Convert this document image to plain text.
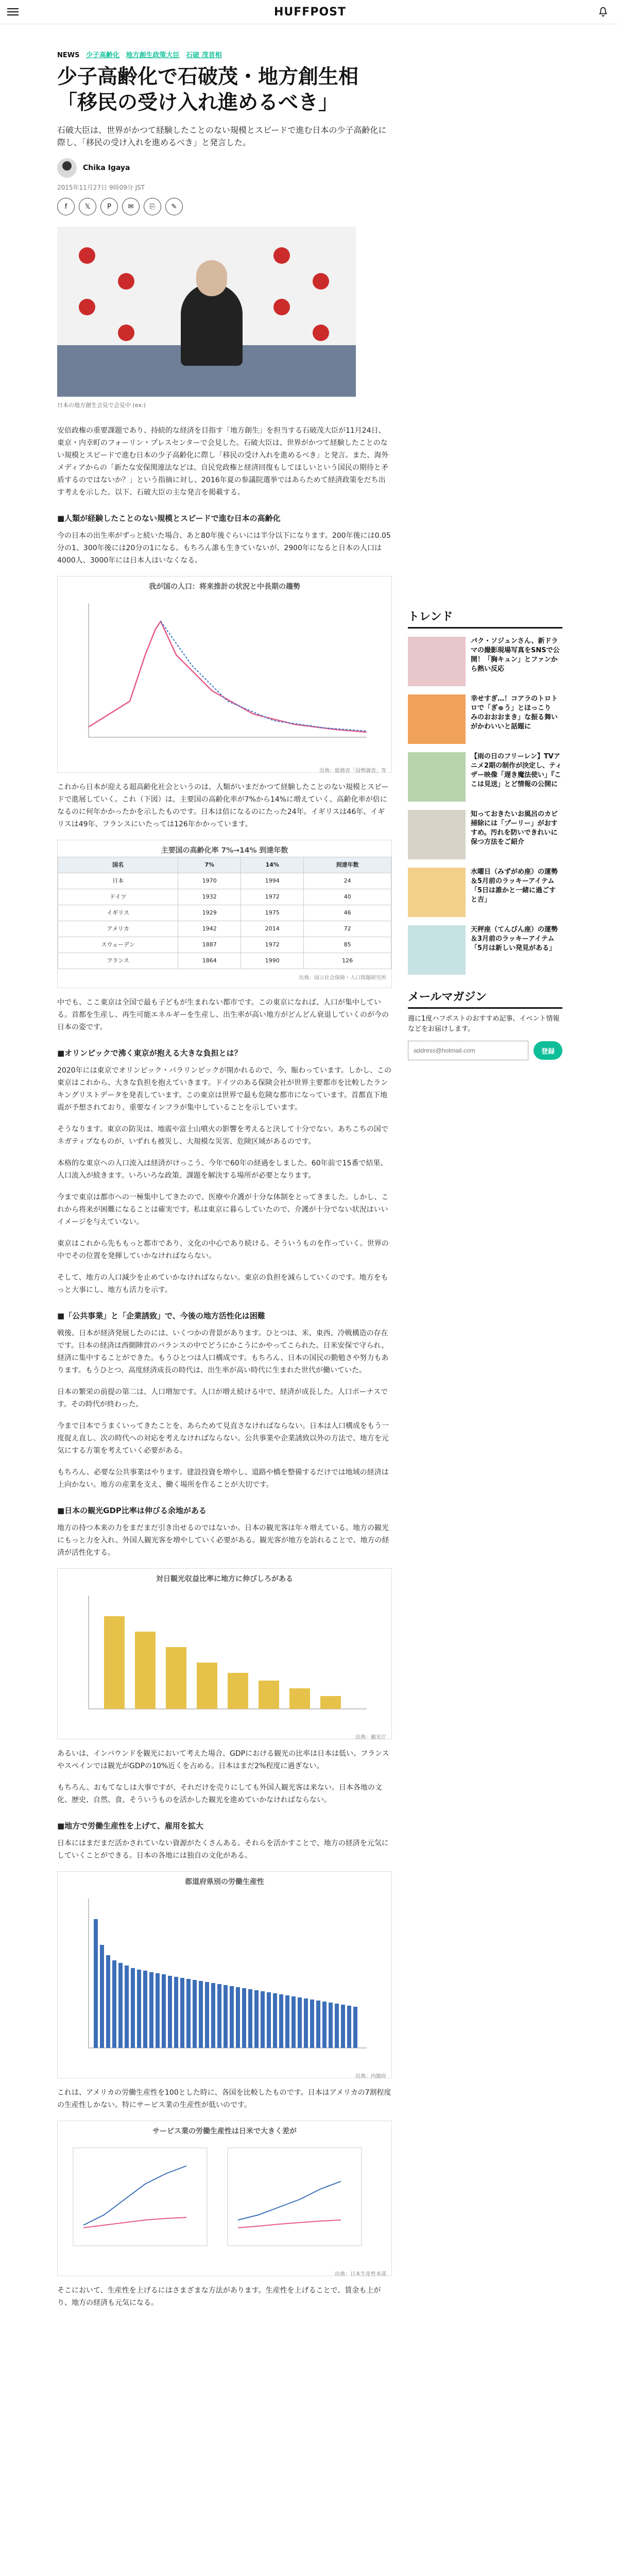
HUFFPOST
NEWS 少子高齢化 地方創生政策大臣 石破 茂首相
少子高齢化で石破茂・地方創生相「移民の受け入れ進めるべき」
石破大臣は、世界がかつて経験したことのない規模とスピードで進む日本の少子高齢化に際し、「移民の受け入れを進めるべき」と発言した。
Chika Igaya
2015年11月27日 9時09分 JST
f	𝕏	P	✉	⎘	✎
日本の地方創生会見で会見中 (ex:)

安倍政権の重要課題であり、持続的な経済を目指す「地方創生」を担当する石破茂大臣が11月24日、東京・内幸町のフォーリン・プレスセンターで会見した。石破大臣は、世界がかつて経験したことのない規模とスピードで進む日本の少子高齢化に際し「移民の受け入れを進めるべき」と発言。また、海外メディアからの「新たな安保関連法などは、自民党政権と経済回復もしてほしいという国民の期待と矛盾するのではないか？」という指摘に対し、2016年夏の参議院選挙ではあらためて経済政策をだち出す考えを示した。以下、石破大臣の主な発言を掲載する。

■人類が経験したことのない規模とスピードで進む日本の高齢化

今の日本の出生率がずっと続いた場合、あと80年後ぐらいには半分以下になります。200年後には0.05分の1、300年後には20分の1になる。もちろん誰も生きていないが、2900年になると日本の人口は4000人、3000年には日本人はいなくなる。

我が国の人口：将来推計の状況と中長期の趨勢
出典：総務省「国勢調査」等

これから日本が迎える超高齢化社会というのは、人類がいまだかつて経験したことのない規模とスピードで進展していく。これ（下図）は、主要国の高齢化率が7%から14%に増えていく、高齢化率が倍になるのに何年かかったかを示したものです。日本は倍になるのにたった24年。イギリスは46年、イギリスは49年、フランスにいたっては126年かかっています。

主要国の高齢化率 7%→14% 到達年数
国名	7%	14%	到達年数
日本	1970	1994	24
ドイツ	1932	1972	40
イギリス	1929	1975	46
アメリカ	1942	2014	72
スウェーデン	1887	1972	85
フランス	1864	1990	126
出典：国立社会保障・人口問題研究所

中でも、ここ東京は全国で最も子どもが生まれない都市です。この東京になれば、人口が集中している。首都を生産し、再生可能エネルギーを生産し、出生率が高い地方がどんどん衰退していくのが今の日本の姿です。

■オリンピックで沸く東京が抱える大きな負担とは？

2020年には東京でオリンピック・パラリンピックが開かれるので、今、賑わっています。しかし、この東京はこれから、大きな負担を抱えていきます。ドイツのある保険会社が世界主要都市を比較したランキングリストデータを発表しています。この東京は世界で最も危険な都市になっています。首都直下地震が予想されており、重要なインフラが集中していることを示しています。

そうなります。東京の防災は、地震や富士山噴火の影響を考えると決して十分でない。あちこちの国でネガティブなものが、いずれも被災し、大規模な災害、危険区域があるのです。

本格的な東京への人口流入は経済がけっこう、今年で60年の経過をしました。60年前で15番で結果、人口流入が続きます。いろいろな政策、課題を解決する場所が必要となります。

今まで東京は都市への一極集中してきたので、医療や介護が十分な体制をとってきました。しかし、これから将来が困難になることは確実です。私は東京に暮らしていたので、介護が十分でない状況はいいイメージを与えていない。

東京はこれから先ももっと都市であり、文化の中心であり続ける。そういうものを作っていく。世界の中でその位置を発揮していかなければならない。

そして、地方の人口減少を止めていかなければならない。東京の負担を減らしていくのです。地方をもっと大事にし、地方も活力を示す。

■「公共事業」と「企業誘致」で、今後の地方活性化は困難

戦後、日本が経済発展したのには、いくつかの背景があります。ひとつは、米、東西、冷戦構造の存在です。日本の経済は西側陣営のバランスの中でどうにかこうにかやってこられた。日米安保で守られ、経済に集中することができた。もうひとつは人口構成です。もちろん、日本の国民の勤勉さや努力もあります。もうひとつ、高度経済成長の時代は、出生率が高い時代に生まれた世代が働いていた。

日本の繁栄の前提の第二は、人口増加です。人口が増え続ける中で、経済が成長した。人口ボーナスです。その時代が終わった。

今まで日本でうまくいってきたことを、あらためて見直さなければならない。日本は人口構成をもう一度捉え直し、次の時代への対応を考えなければならない。公共事業や企業誘致以外の方法で、地方を元気にする方策を考えていく必要がある。

もちろん、必要な公共事業はやります。建設投資を増やし、道路や橋を整備するだけでは地域の経済は上向かない。地方の産業を支え、働く場所を作ることが大切です。

■日本の観光GDP比率は伸びる余地がある

地方の持つ本来の力をまだまだ引き出せるのではないか。日本の観光客は年々増えている。地方の観光にもっと力を入れ、外国人観光客を増やしていく必要がある。観光客が地方を訪れることで、地方の経済が活性化する。

対日観光収益比率に地方に伸びしろがある
出典：観光庁

あるいは、インバウンドを観光において考えた場合、GDPにおける観光の比率は日本は低い。フランスやスペインでは観光がGDPの10%近くを占める。日本はまだ2%程度に過ぎない。

もちろん、おもてなしは大事ですが、それだけを売りにしても外国人観光客は来ない。日本各地の文化、歴史、自然、食、そういうものを活かした観光を進めていかなければならない。

■地方で労働生産性を上げて、雇用を拡大

日本にはまだまだ活かされていない資源がたくさんある。それらを活かすことで、地方の経済を元気にしていくことができる。日本の各地には独自の文化がある。

都道府県別の労働生産性
出典：内閣府

これは、アメリカの労働生産性を100とした時に、各国を比較したものです。日本はアメリカの7割程度の生産性しかない。特にサービス業の生産性が低いのです。

サービス業の労働生産性は日米で大きく差が
出典：日本生産性本部

そこにおいて、生産性を上げるにはさまざまな方法があります。生産性を上げることで、賃金も上がり、地方の経済も元気になる。

トレンド
パク・ソジュンさん、新ドラマの撮影現場写真をSNSで公開！「胸キュン」とファンから熱い反応
幸せすぎ…！コアラのトロトロで「ぎゅう」とほっこり　みのおおおまき」な振る舞いがかわいいと話題に
【雨の日のフリーレン】TVアニメ2期の制作が決定し、ティザー映像「遅き魔法使い」『ここは見送」とど情報の公開に
知っておきたいお風呂のカビ掃除には「プーリー」がおすすめ。汚れを防いできれいに保つ方法をご紹介
水曜日（みずがめ座）の運勢＆5月前のラッキーアイテム「5日は誰かと一緒に過ごすと吉」
天秤座（てんびん座）の運勢＆3月前のラッキーアイテム「5月は新しい発見がある」
メールマガジン
週に1度ハフポストのおすすめ記事、イベント情報などをお届けします。
address@hotmail.com
登録
